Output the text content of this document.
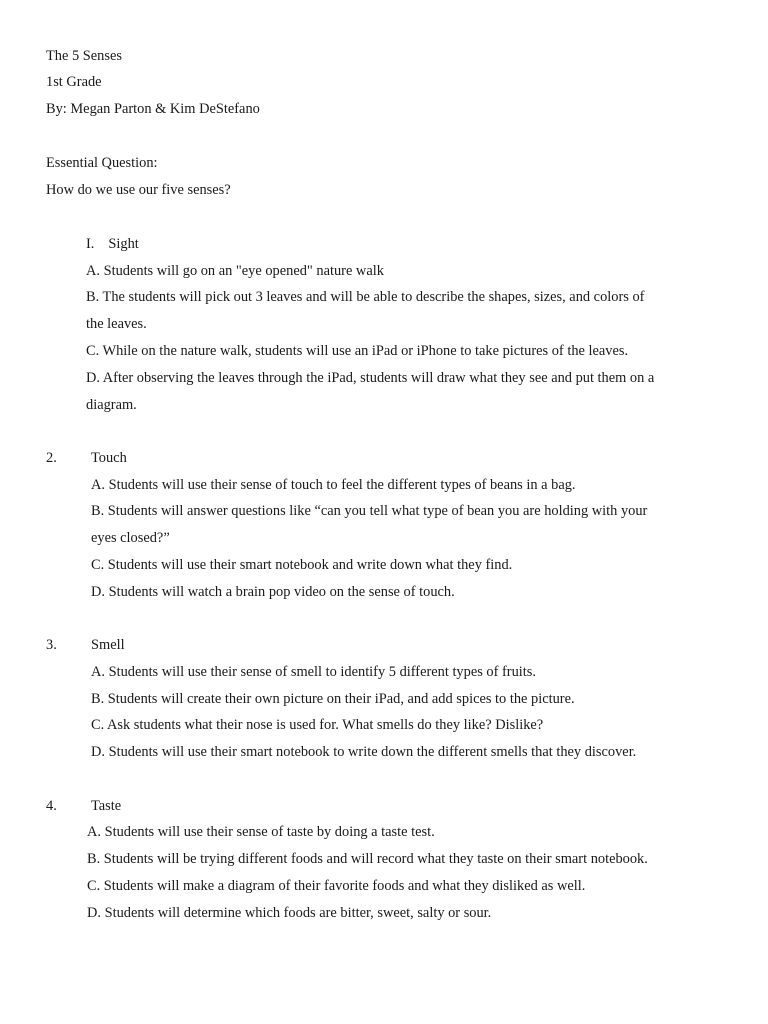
The 5 Senses
1st Grade
By: Megan Parton & Kim DeStefano
Essential Question:
How do we use our five senses?
I. Sight
A. Students will go on an "eye opened" nature walk
B. The students will pick out 3 leaves and will be able to describe the shapes, sizes, and colors of
the leaves.
C. While on the nature walk, students will use an iPad or iPhone to take pictures of the leaves.
D. After observing the leaves through the iPad, students will draw what they see and put them on a
diagram.
2. Touch
A. Students will use their sense of touch to feel the different types of beans in a bag.
B. Students will answer questions like “can you tell what type of bean you are holding with your
eyes closed?”
C. Students will use their smart notebook and write down what they find.
D. Students will watch a brain pop video on the sense of touch.
3. Smell
A. Students will use their sense of smell to identify 5 different types of fruits.
B. Students will create their own picture on their iPad, and add spices to the picture.
C. Ask students what their nose is used for. What smells do they like? Dislike?
D. Students will use their smart notebook to write down the different smells that they discover.
4. Taste
A. Students will use their sense of taste by doing a taste test.
B. Students will be trying different foods and will record what they taste on their smart notebook.
C. Students will make a diagram of their favorite foods and what they disliked as well.
D. Students will determine which foods are bitter, sweet, salty or sour.
